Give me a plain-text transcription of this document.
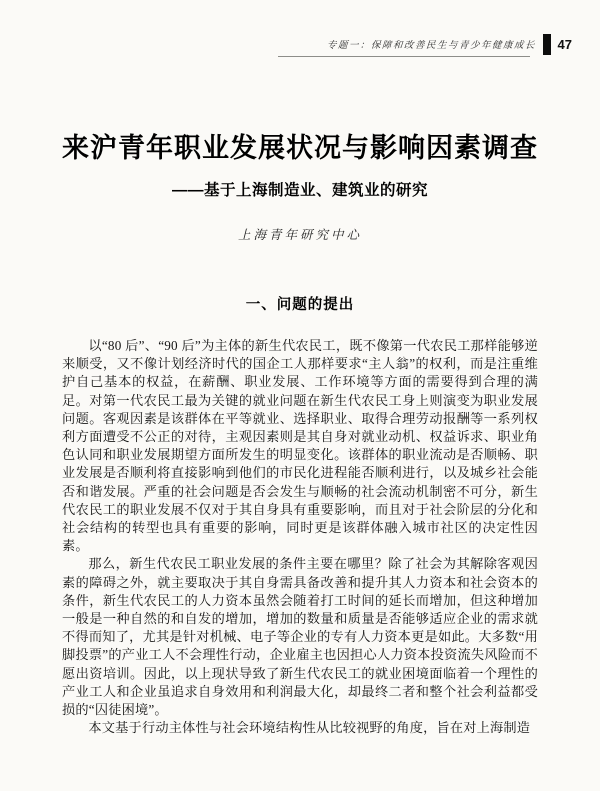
专题一：保障和改善民生与青少年健康成长 47
来沪青年职业发展状况与影响因素调查
——基于上海制造业、建筑业的研究
上海青年研究中心
一、问题的提出

以“80 后”、“90 后”为主体的新生代农民工，既不像第一代农民工那样能够逆来顺受，又不像计划经济时代的国企工人那样要求“主人翁”的权利，而是注重维护自己基本的权益，在薪酬、职业发展、工作环境等方面的需要得到合理的满足。对第一代农民工最为关键的就业问题在新生代农民工身上则演变为职业发展问题。客观因素是该群体在平等就业、选择职业、取得合理劳动报酬等一系列权利方面遭受不公正的对待，主观因素则是其自身对就业动机、权益诉求、职业角色认同和职业发展期望方面所发生的明显变化。该群体的职业流动是否顺畅、职业发展是否顺利将直接影响到他们的市民化进程能否顺利进行，以及城乡社会能否和谐发展。严重的社会问题是否会发生与顺畅的社会流动机制密不可分，新生代农民工的职业发展不仅对于其自身具有重要影响，而且对于社会阶层的分化和社会结构的转型也具有重要的影响，同时更是该群体融入城市社区的决定性因素。

那么，新生代农民工职业发展的条件主要在哪里？除了社会为其解除客观因素的障碍之外，就主要取决于其自身需具备改善和提升其人力资本和社会资本的条件，新生代农民工的人力资本虽然会随着打工时间的延长而增加，但这种增加一般是一种自然的和自发的增加，增加的数量和质量是否能够适应企业的需求就不得而知了，尤其是针对机械、电子等企业的专有人力资本更是如此。大多数“用脚投票”的产业工人不会理性行动，企业雇主也因担心人力资本投资流失风险而不愿出资培训。因此，以上现状导致了新生代农民工的就业困境面临着一个理性的产业工人和企业虽追求自身效用和利润最大化，却最终二者和整个社会利益都受损的“囚徒困境”。

本文基于行动主体性与社会环境结构性从比较视野的角度，旨在对上海制造
